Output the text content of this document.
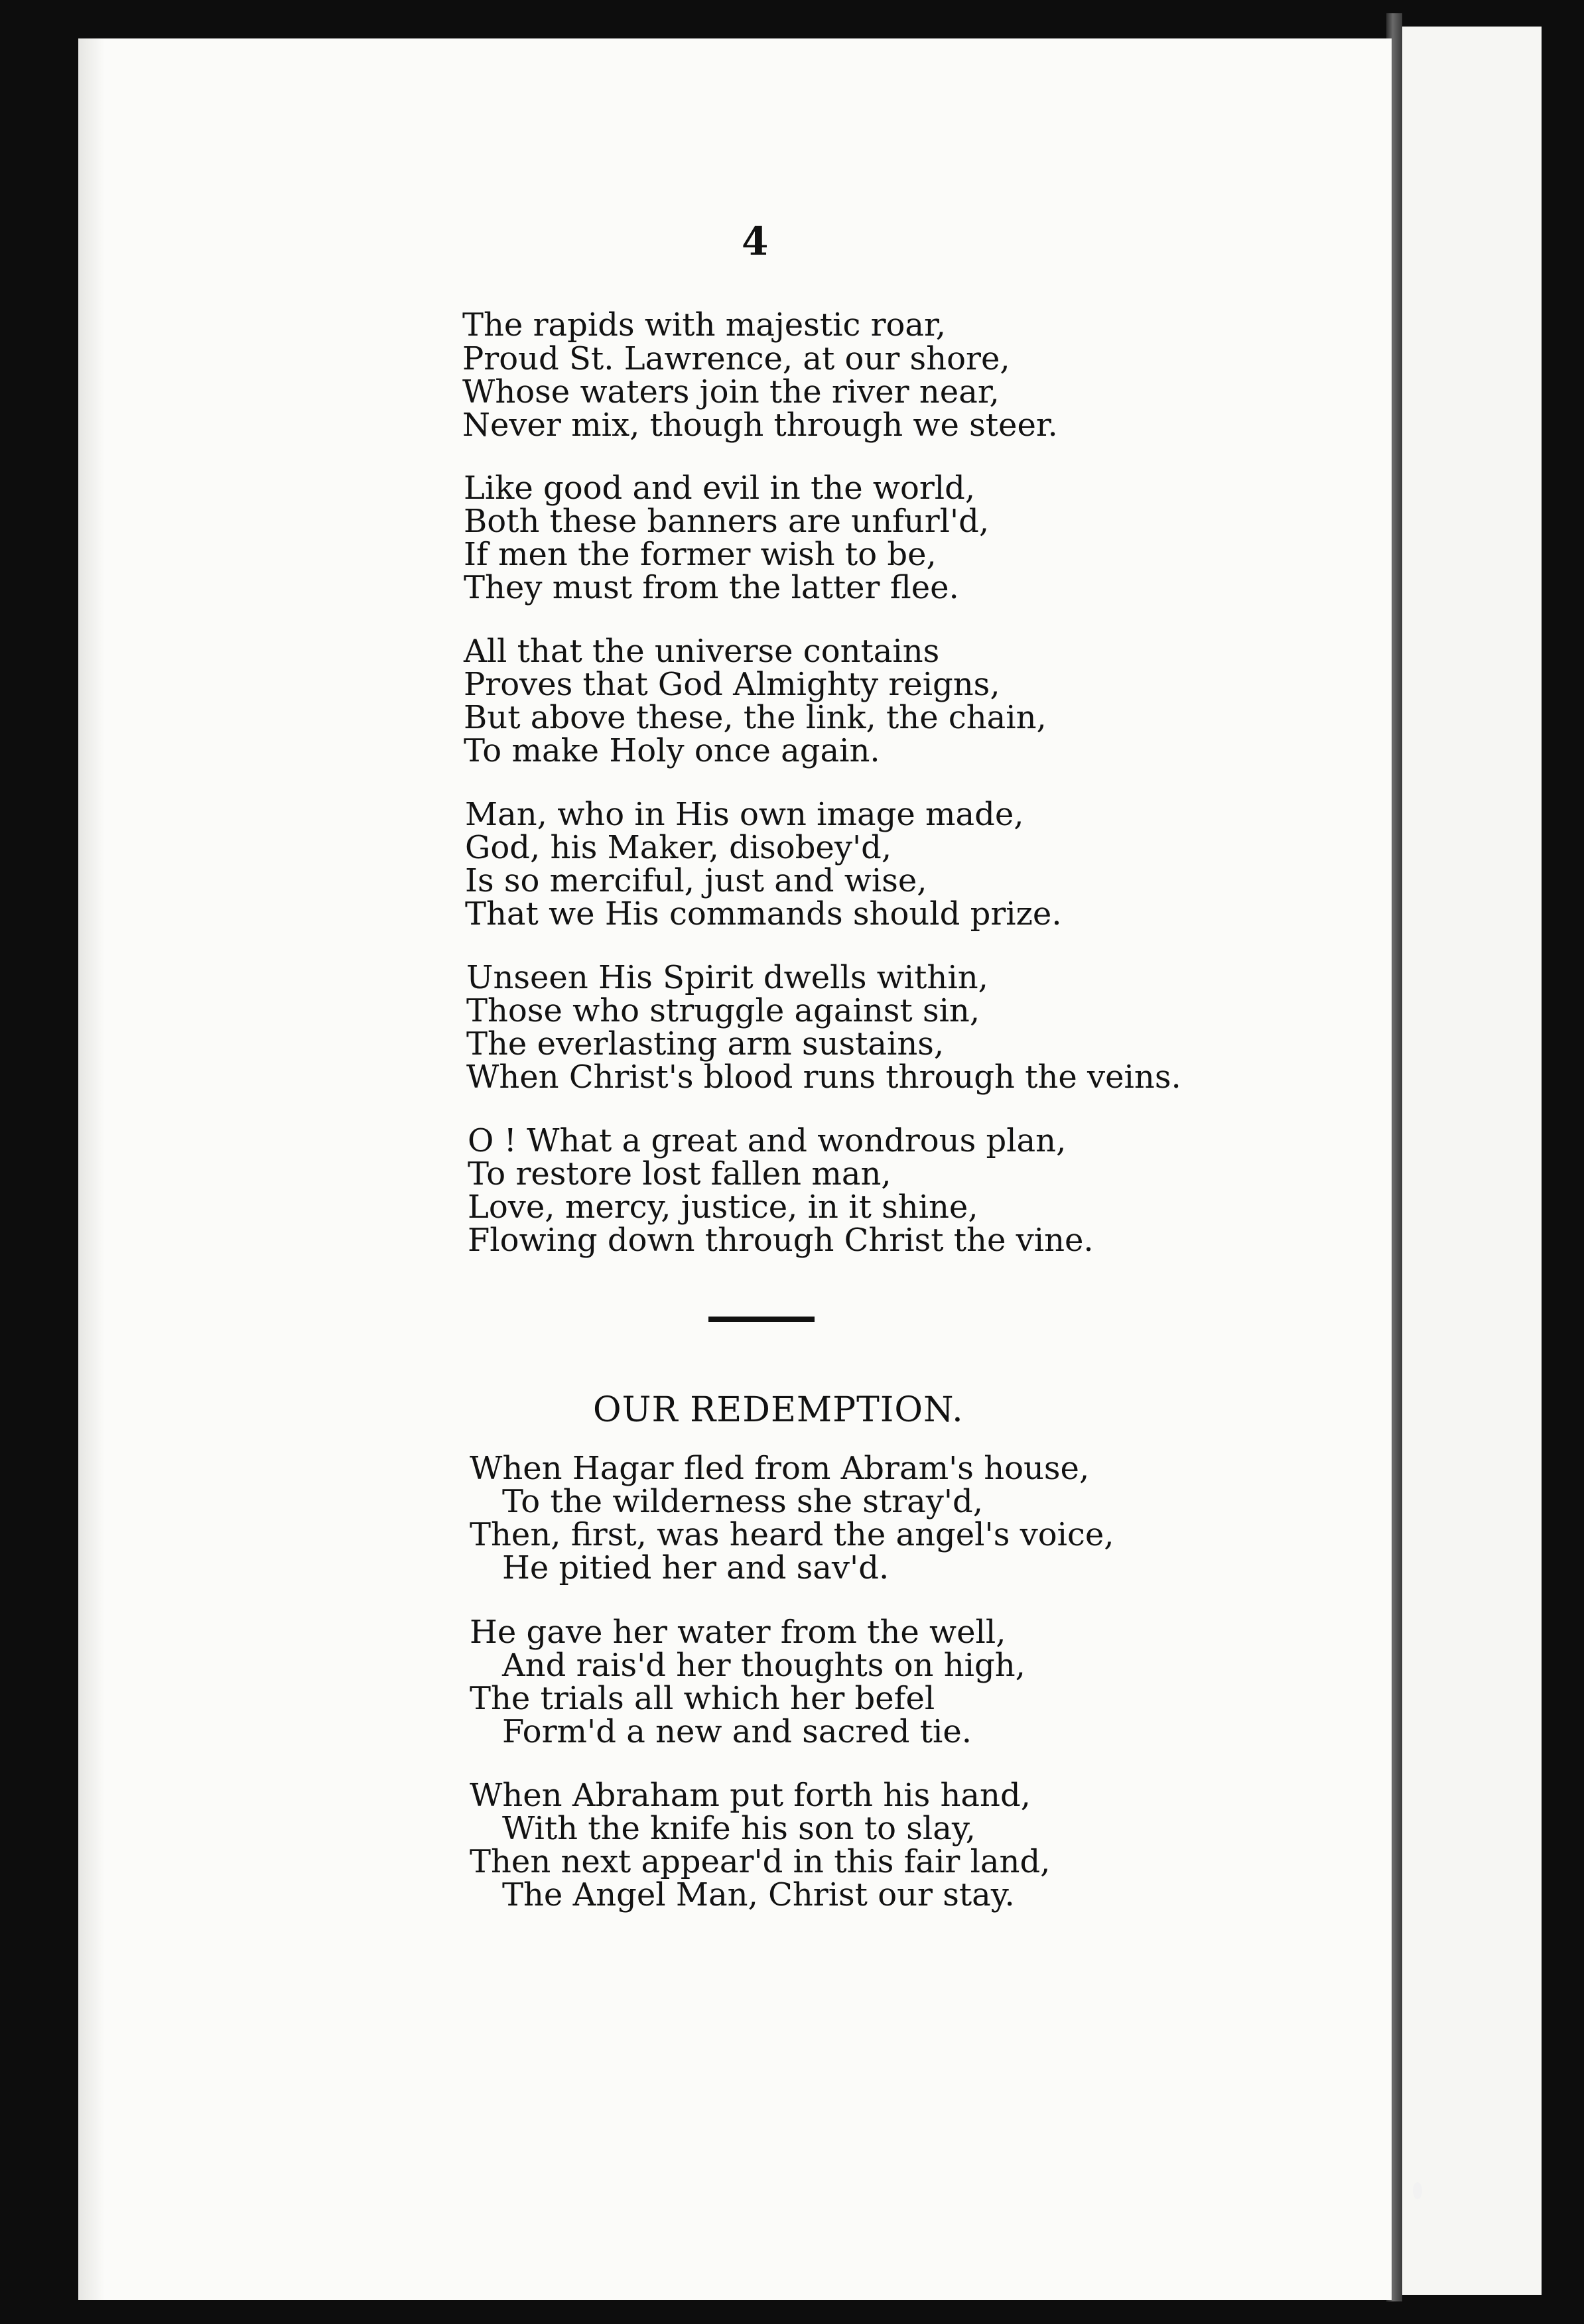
4
The rapids with majestic roar,
Proud St. Lawrence, at our shore,
Whose waters join the river near,
Never mix, though through we steer.
Like good and evil in the world,
Both these banners are unfurl'd,
If men the former wish to be,
They must from the latter flee.
All that the universe contains
Proves that God Almighty reigns,
But above these, the link, the chain,
To make Holy once again.
Man, who in His own image made,
God, his Maker, disobey'd,
Is so merciful, just and wise,
That we His commands should prize.
Unseen His Spirit dwells within,
Those who struggle against sin,
The everlasting arm sustains,
When Christ's blood runs through the veins.
O ! What a great and wondrous plan,
To restore lost fallen man,
Love, mercy, justice, in it shine,
Flowing down through Christ the vine.
OUR REDEMPTION.
When Hagar fled from Abram's house,
To the wilderness she stray'd,
Then, first, was heard the angel's voice,
He pitied her and sav'd.
He gave her water from the well,
And rais'd her thoughts on high,
The trials all which her befel
Form'd a new and sacred tie.
When Abraham put forth his hand,
With the knife his son to slay,
Then next appear'd in this fair land,
The Angel Man, Christ our stay.
